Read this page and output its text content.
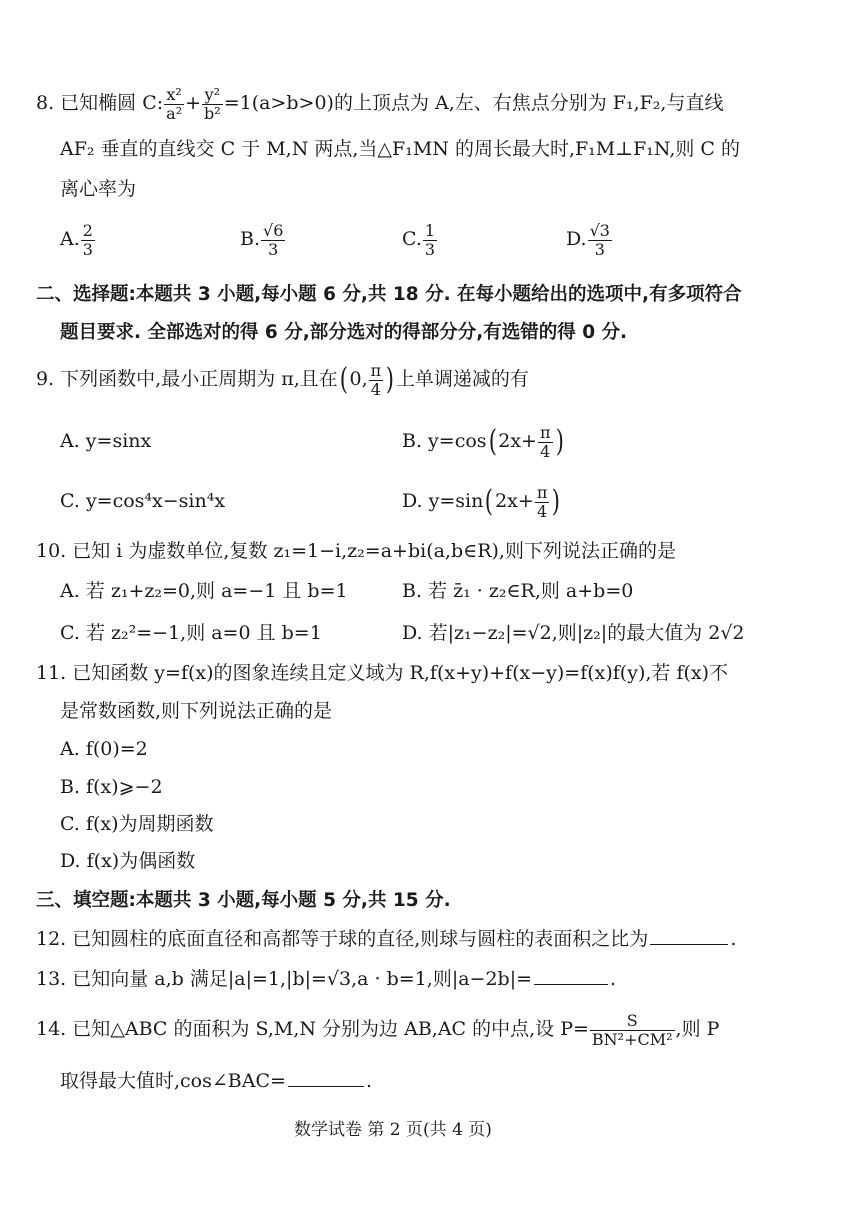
8. 已知椭圆 C: $\frac{\text{x²}}{\text{a²}} + \frac{\text{y²}}{\text{b²}} =1(a>b>0)$的上顶点为 A,左、右焦点分别为 F₁,F₂,与直线
AF₂ 垂直的直线交 C 于 M,N 两点,当△F₁MN 的周长最大时,F₁M⊥F₁N,则 C 的
离心率为
A. $\frac{2}{3}$	B. $\frac{√6}{3}$	C. $\frac{1}{3}$	D. $\frac{√3}{3}$
二、选择题:本题共 3 小题,每小题 6 分,共 18 分. 在每小题给出的选项中,有多项符合
题目要求. 全部选对的得 6 分,部分选对的得部分分,有选错的得 0 分.
9. 下列函数中,最小正周期为 π,且在(0, $\frac{\pi}{4}$ )上单调递减的有
A. y=sinx	B. $y=\cos(2x+ \frac{\pi}{4}$ )
C. y=cos⁴x−sin⁴x	D. $y=\sin(2x+ \frac{\pi}{4}$ )
10. 已知 i 为虚数单位,复数 z₁=1−i,z₂=a+bi(a,b∈R),则下列说法正确的是
A. 若 z₁+z₂=0,则 a=−1 且 b=1	B. 若 z̄₁ · z₂∈R,则 a+b=0
C. 若 z₂²=−1,则 a=0 且 b=1	D. 若|z₁−z₂|=√2,则|z₂|的最大值为 2√2
11. 已知函数 y=f(x)的图象连续且定义域为 R,f(x+y)+f(x−y)=f(x)f(y),若 f(x)不
是常数函数,则下列说法正确的是
A. f(0)=2
B. f(x)⩾−2
C. f(x)为周期函数
D. f(x)为偶函数
三、填空题:本题共 3 小题,每小题 5 分,共 15 分.
12. 已知圆柱的底面直径和高都等于球的直径,则球与圆柱的表面积之比为	.
13. 已知向量 a,b 满足|a|=1,|b|=√3,a · b=1,则|a−2b|=	.
14. 已知△ABC 的面积为 S,M,N 分别为边 AB,AC 的中点,设 $P= \frac{S}{\text{BN²+CM²}}$ ,则 P
取得最大值时,cos∠BAC=	.
数学试卷 第 2 页(共 4 页)
